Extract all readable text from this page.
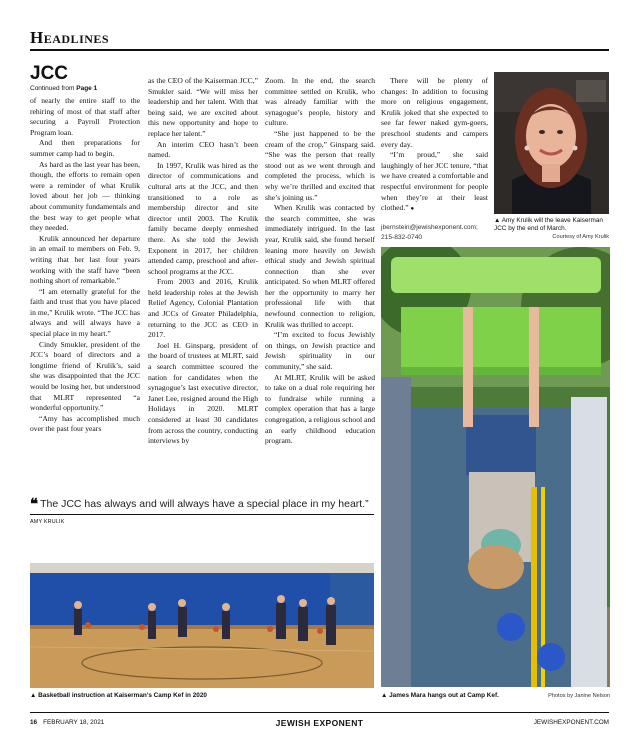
Headlines
JCC
Continued from Page 1

of nearly the entire staff to the rehiring of most of that staff after securing a Payroll Protection Program loan.

And then preparations for summer camp had to begin.

As hard as the last year has been, though, the efforts to remain open were a reminder of what Krulik loved about her job — thinking about community fundamentals and the best way to get people what they needed.

Krulik announced her departure in an email to members on Feb. 9, writing that her last four years working with the staff have “been nothing short of remarkable.”

“I am eternally grateful for the faith and trust that you have placed in me,” Krulik wrote. “The JCC has always and will always have a special place in my heart.”

Cindy Smukler, president of the JCC’s board of directors and a longtime friend of Krulik’s, said she was disappointed that the JCC would be losing her, but understood that MLRT represented “a wonderful opportunity.”

“Amy has accomplished much over the past four years

as the CEO of the Kaiserman JCC,” Smukler said. “We will miss her leadership and her talent. With that being said, we are excited about this new opportunity and hope to replace her talent.”

An interim CEO hasn’t been named.

In 1997, Krulik was hired as the director of communications and cultural arts at the JCC, and then transitioned to a role as membership director and site director until 2003. The Krulik family became deeply enmeshed there. As she told the Jewish Exponent in 2017, her children attended camp, preschool and after-school programs at the JCC.

From 2003 and 2016, Krulik held leadership roles at the Jewish Relief Agency, Colonial Plantation and JCCs of Greater Philadelphia, returning to the JCC as CEO in 2017.

Joel H. Ginsparg, president of the board of trustees at MLRT, said a search committee scoured the nation for candidates when the synagogue’s last executive director, Janet Lee, resigned around the High Holidays in 2020. MLRT considered at least 30 candidates from across the country, conducting interviews by

Zoom. In the end, the search committee settled on Krulik, who was already familiar with the synagogue’s people, history and culture.

“She just happened to be the cream of the crop,” Ginsparg said. “She was the person that really stood out as we went through and completed the process, which is why we’re thrilled and excited that she’s joining us.”

When Krulik was contacted by the search committee, she was immediately intrigued. In the last year, Krulik said, she found herself leaning more heavily on Jewish ethical study and Jewish spiritual connection than she ever anticipated. So when MLRT offered her the opportunity to marry her professional life with that newfound connection to religion, Krulik was thrilled to accept.

“I’m excited to focus Jewishly on things, on Jewish practice and Jewish spirituality in our community,” she said.

At MLRT, Krulik will be asked to take on a dual role requiring her to fundraise while running a complex operation that has a large congregation, a religious school and an early childhood education program.

There will be plenty of changes: In addition to focusing more on religious engagement, Krulik joked that she expected to see far fewer naked gym-goers, preschool students and campers every day.

“I’m proud,” she said laughingly of her JCC tenure, “that we have created a comfortable and respectful environment for people when they’re at their least clothed.” ●

jbernstein@jewishexponent.com;
215-832-0740
▲ Amy Krulik will the leave Kaiserman JCC by the end of March.
Courtesy of Amy Krulik
❝ The JCC has always and will always have a special place in my heart.”
AMY KRULIK
▲ Basketball instruction at Kaiserman’s Camp Kef in 2020	▲ James Mara hangs out at Camp Kef.	Photos by Janine Nelson
16 FEBRUARY 18, 2021	JEWISH EXPONENT	JEWISHEXPONENT.COM
